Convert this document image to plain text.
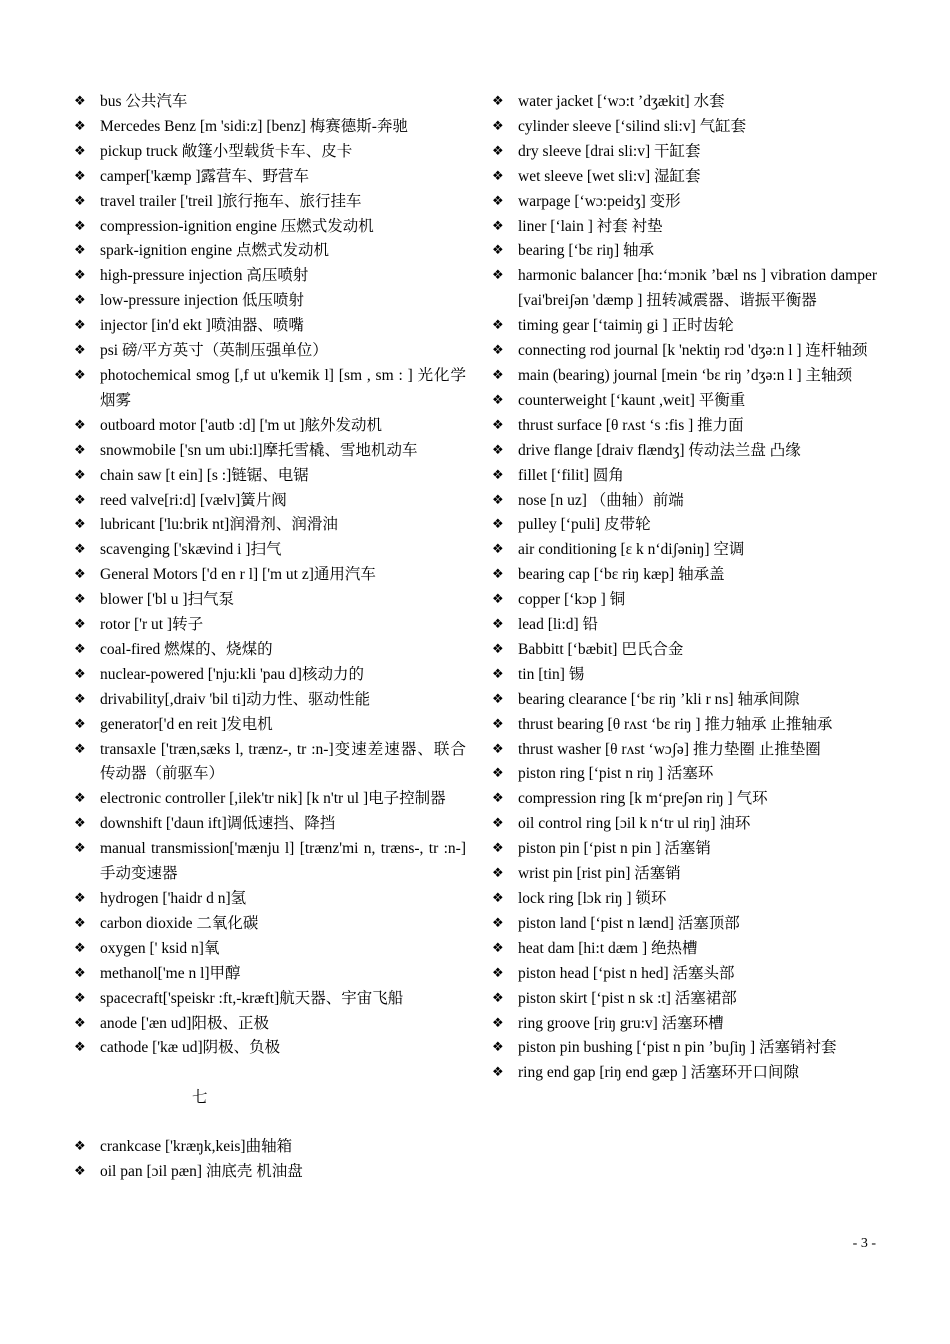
❖ bus 公共汽车
❖ Mercedes Benz [m 'sidi:z] [benz] 梅赛德斯-奔驰
❖ pickup truck 敞篷小型载货卡车、皮卡
❖ camper['kæmp ]露营车、野营车
❖ travel trailer ['treil ]旅行拖车、旅行挂车
❖ compression-ignition engine 压燃式发动机
❖ spark-ignition engine 点燃式发动机
❖ high-pressure injection 高压喷射
❖ low-pressure injection 低压喷射
❖ injector [in'd ekt ]喷油器、喷嘴
❖ psi 磅/平方英寸（英制压强单位）
❖ photochemical smog [,f ut u'kemik l] [sm , sm : ] 光化学烟雾
❖ outboard motor ['autb :d] ['m ut ]舷外发动机
❖ snowmobile ['sn um ubi:l]摩托雪橇、雪地机动车
❖ chain saw [t ein] [s :]链锯、电锯
❖ reed valve[ri:d] [vælv]簧片阀
❖ lubricant ['lu:brik nt]润滑剂、润滑油
❖ scavenging ['skævind i ]扫气
❖ General Motors ['d en r l] ['m ut z]通用汽车
❖ blower ['bl u ]扫气泵
❖ rotor ['r ut ]转子
❖ coal-fired 燃煤的、烧煤的
❖ nuclear-powered ['nju:kli 'pau d]核动力的
❖ drivability[,draiv 'bil ti]动力性、驱动性能
❖ generator['d en reit ]发电机
❖ transaxle ['træn,sæks l, trænz-, tr :n-]变速差速器、联合传动器（前驱车）
❖ electronic controller [,ilek'tr nik] [k n'tr ul ]电子控制器
❖ downshift ['daun ift]调低速挡、降挡
❖ manual transmission['mænju l] [trænz'mi n, træns-, tr :n-]手动变速器
❖ hydrogen ['haidr d n]氢
❖ carbon dioxide 二氧化碳
❖ oxygen [' ksid n]氧
❖ methanol['me n l]甲醇
❖ spacecraft['speiskr :ft,-kræft]航天器、宇宙飞船
❖ anode ['æn ud]阳极、正极
❖ cathode ['kæ ud]阴极、负极
七
❖ crankcase ['kræŋk,keis]曲轴箱
❖ oil pan [ɔil pæn] 油底壳 机油盘
❖ water jacket [‘wɔ:t ’dʒækit] 水套
❖ cylinder sleeve [‘silind sli:v] 气缸套
❖ dry sleeve [drai sli:v] 干缸套
❖ wet sleeve [wet sli:v] 湿缸套
❖ warpage [‘wɔ:peidʒ] 变形
❖ liner [‘lain ] 衬套 衬垫
❖ bearing [‘bɛ riŋ] 轴承
❖ harmonic balancer [hɑ:‘mɔnik ’bæl ns ] vibration damper [vai'breiʃən 'dæmp ] 扭转减震器、谐振平衡器
❖ timing gear [‘taimiŋ gi ] 正时齿轮
❖ connecting rod journal [k 'nektiŋ rɔd 'dʒə:n l ] 连杆轴颈
❖ main (bearing) journal [mein ‘bɛ riŋ ’dʒə:n l ] 主轴颈
❖ counterweight [‘kaunt ,weit] 平衡重
❖ thrust surface [θ rʌst ‘s :fis ] 推力面
❖ drive flange [draiv flændʒ] 传动法兰盘 凸缘
❖ fillet [‘filit] 圆角
❖ nose [n uz] （曲轴）前端
❖ pulley [‘puli] 皮带轮
❖ air conditioning [ɛ k n‘diʃəniŋ] 空调
❖ bearing cap [‘bɛ riŋ kæp] 轴承盖
❖ copper [‘kɔp ] 铜
❖ lead [li:d] 铅
❖ Babbitt [‘bæbit] 巴氏合金
❖ tin [tin] 锡
❖ bearing clearance [‘bɛ riŋ ’kli r ns] 轴承间隙
❖ thrust bearing [θ rʌst ‘bɛ riŋ ] 推力轴承 止推轴承
❖ thrust washer [θ rʌst ‘wɔʃə] 推力垫圈 止推垫圈
❖ piston ring [‘pist n riŋ ] 活塞环
❖ compression ring [k m‘preʃən riŋ ] 气环
❖ oil control ring [ɔil k n‘tr ul riŋ] 油环
❖ piston pin [‘pist n pin ] 活塞销
❖ wrist pin [rist pin] 活塞销
❖ lock ring [lɔk riŋ ] 锁环
❖ piston land [‘pist n lænd] 活塞顶部
❖ heat dam [hi:t dæm ] 绝热槽
❖ piston head [‘pist n hed] 活塞头部
❖ piston skirt [‘pist n sk :t] 活塞裙部
❖ ring groove [riŋ gru:v] 活塞环槽
❖ piston pin bushing [‘pist n pin ’buʃiŋ ] 活塞销衬套
❖ ring end gap [riŋ end gæp ] 活塞环开口间隙
- 3 -
